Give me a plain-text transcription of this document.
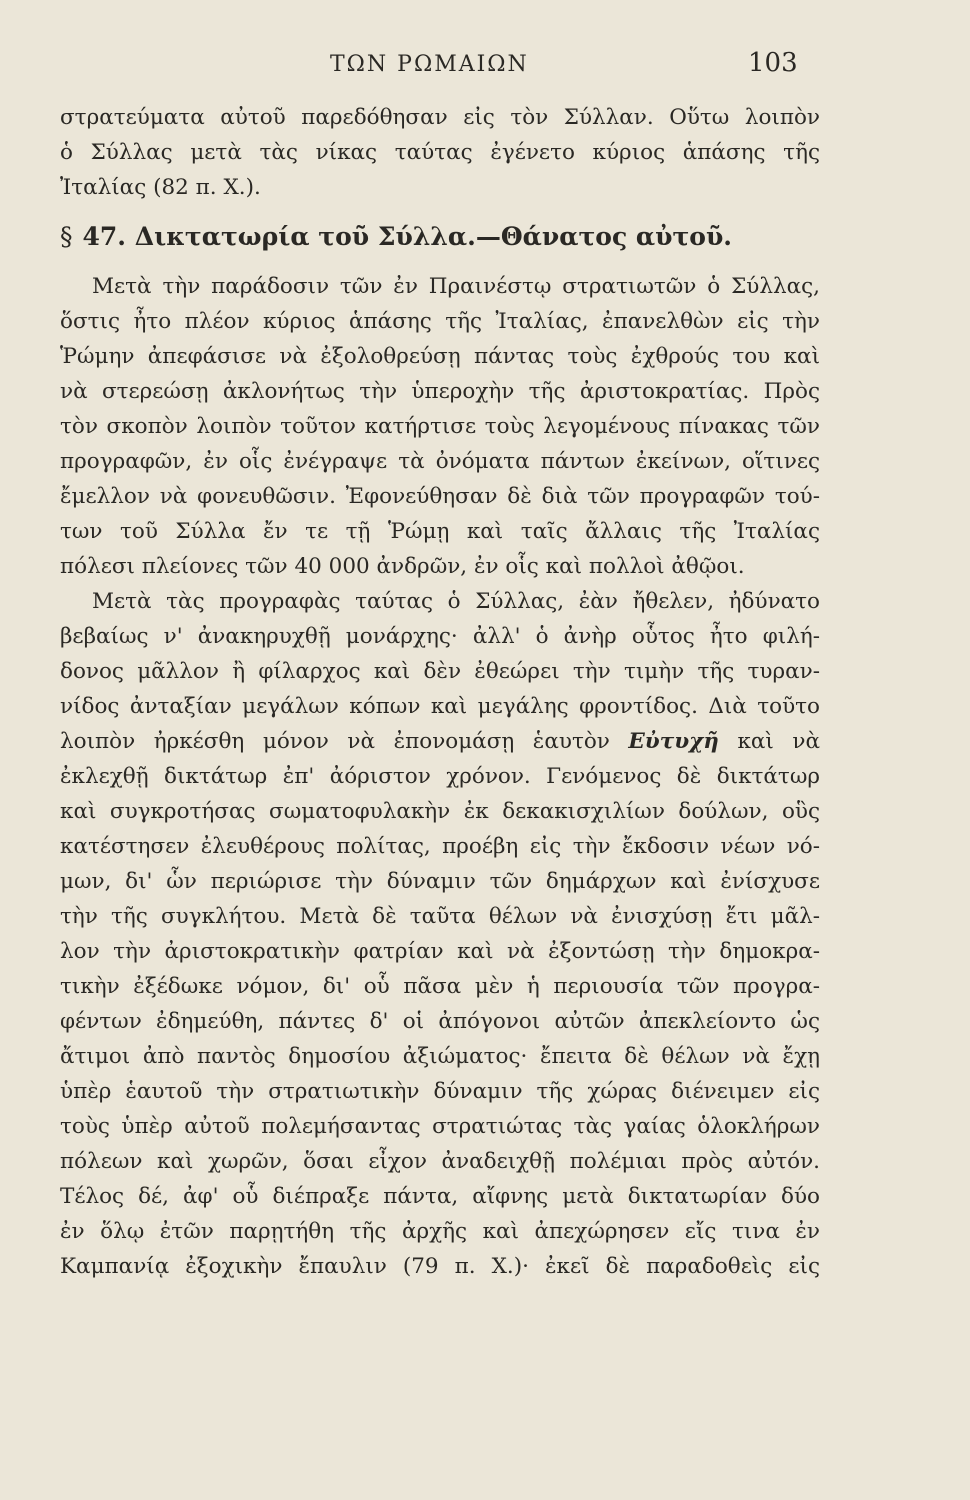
ΤΩΝ ΡΩΜΑΙΩΝ	103
στρατεύματα αὐτοῦ παρεδόθησαν εἰς τὸν Σύλλαν. Οὕτω λοιπὸν
ὁ Σύλλας μετὰ τὰς νίκας ταύτας ἐγένετο κύριος ἁπάσης τῆς
Ἰταλίας (82 π. Χ.).
§ 47. Δικτατωρία τοῦ Σύλλα.—Θάνατος αὐτοῦ.
Μετὰ τὴν παράδοσιν τῶν ἐν Πραινέστῳ στρατιωτῶν ὁ Σύλλας,
ὅστις ἦτο πλέον κύριος ἁπάσης τῆς Ἰταλίας, ἐπανελθὼν εἰς τὴν
Ῥώμην ἀπεφάσισε νὰ ἐξολοθρεύσῃ πάντας τοὺς ἐχθρούς του καὶ
νὰ στερεώσῃ ἀκλονήτως τὴν ὑπεροχὴν τῆς ἀριστοκρατίας. Πρὸς
τὸν σκοπὸν λοιπὸν τοῦτον κατήρτισε τοὺς λεγομένους πίνακας τῶν
προγραφῶν, ἐν οἷς ἐνέγραψε τὰ ὀνόματα πάντων ἐκείνων, οἵτινες
ἔμελλον νὰ φονευθῶσιν. Ἐφονεύθησαν δὲ διὰ τῶν προγραφῶν τού-
των τοῦ Σύλλα ἔν τε τῇ Ῥώμῃ καὶ ταῖς ἄλλαις τῆς Ἰταλίας
πόλεσι πλείονες τῶν 40 000 ἀνδρῶν, ἐν οἷς καὶ πολλοὶ ἀθῷοι.
Μετὰ τὰς προγραφὰς ταύτας ὁ Σύλλας, ἐὰν ἤθελεν, ἠδύνατο
βεβαίως ν' ἀνακηρυχθῇ μονάρχης· ἀλλ' ὁ ἀνὴρ οὗτος ἦτο φιλή-
δονος μᾶλλον ἢ φίλαρχος καὶ δὲν ἐθεώρει τὴν τιμὴν τῆς τυραν-
νίδος ἀνταξίαν μεγάλων κόπων καὶ μεγάλης φροντίδος. Διὰ τοῦτο
λοιπὸν ἠρκέσθη μόνον νὰ ἐπονομάσῃ ἑαυτὸν Εὐτυχῆ καὶ νὰ
ἐκλεχθῇ δικτάτωρ ἐπ' ἀόριστον χρόνον. Γενόμενος δὲ δικτάτωρ
καὶ συγκροτήσας σωματοφυλακὴν ἐκ δεκακισχιλίων δούλων, οὓς
κατέστησεν ἐλευθέρους πολίτας, προέβη εἰς τὴν ἔκδοσιν νέων νό-
μων, δι' ὧν περιώρισε τὴν δύναμιν τῶν δημάρχων καὶ ἐνίσχυσε
τὴν τῆς συγκλήτου. Μετὰ δὲ ταῦτα θέλων νὰ ἐνισχύσῃ ἔτι μᾶλ-
λον τὴν ἀριστοκρατικὴν φατρίαν καὶ νὰ ἐξοντώσῃ τὴν δημοκρα-
τικὴν ἐξέδωκε νόμον, δι' οὗ πᾶσα μὲν ἡ περιουσία τῶν προγρα-
φέντων ἐδημεύθη, πάντες δ' οἱ ἀπόγονοι αὐτῶν ἀπεκλείοντο ὡς
ἄτιμοι ἀπὸ παντὸς δημοσίου ἀξιώματος· ἔπειτα δὲ θέλων νὰ ἔχῃ
ὑπὲρ ἑαυτοῦ τὴν στρατιωτικὴν δύναμιν τῆς χώρας διένειμεν εἰς
τοὺς ὑπὲρ αὐτοῦ πολεμήσαντας στρατιώτας τὰς γαίας ὁλοκλήρων
πόλεων καὶ χωρῶν, ὅσαι εἶχον ἀναδειχθῇ πολέμιαι πρὸς αὐτόν.
Τέλος δέ, ἀφ' οὗ διέπραξε πάντα, αἴφνης μετὰ δικτατωρίαν δύο
ἐν ὅλῳ ἐτῶν παρῃτήθη τῆς ἀρχῆς καὶ ἀπεχώρησεν εἴς τινα ἐν
Καμπανίᾳ ἐξοχικὴν ἔπαυλιν (79 π. Χ.)· ἐκεῖ δὲ παραδοθεὶς εἰς
